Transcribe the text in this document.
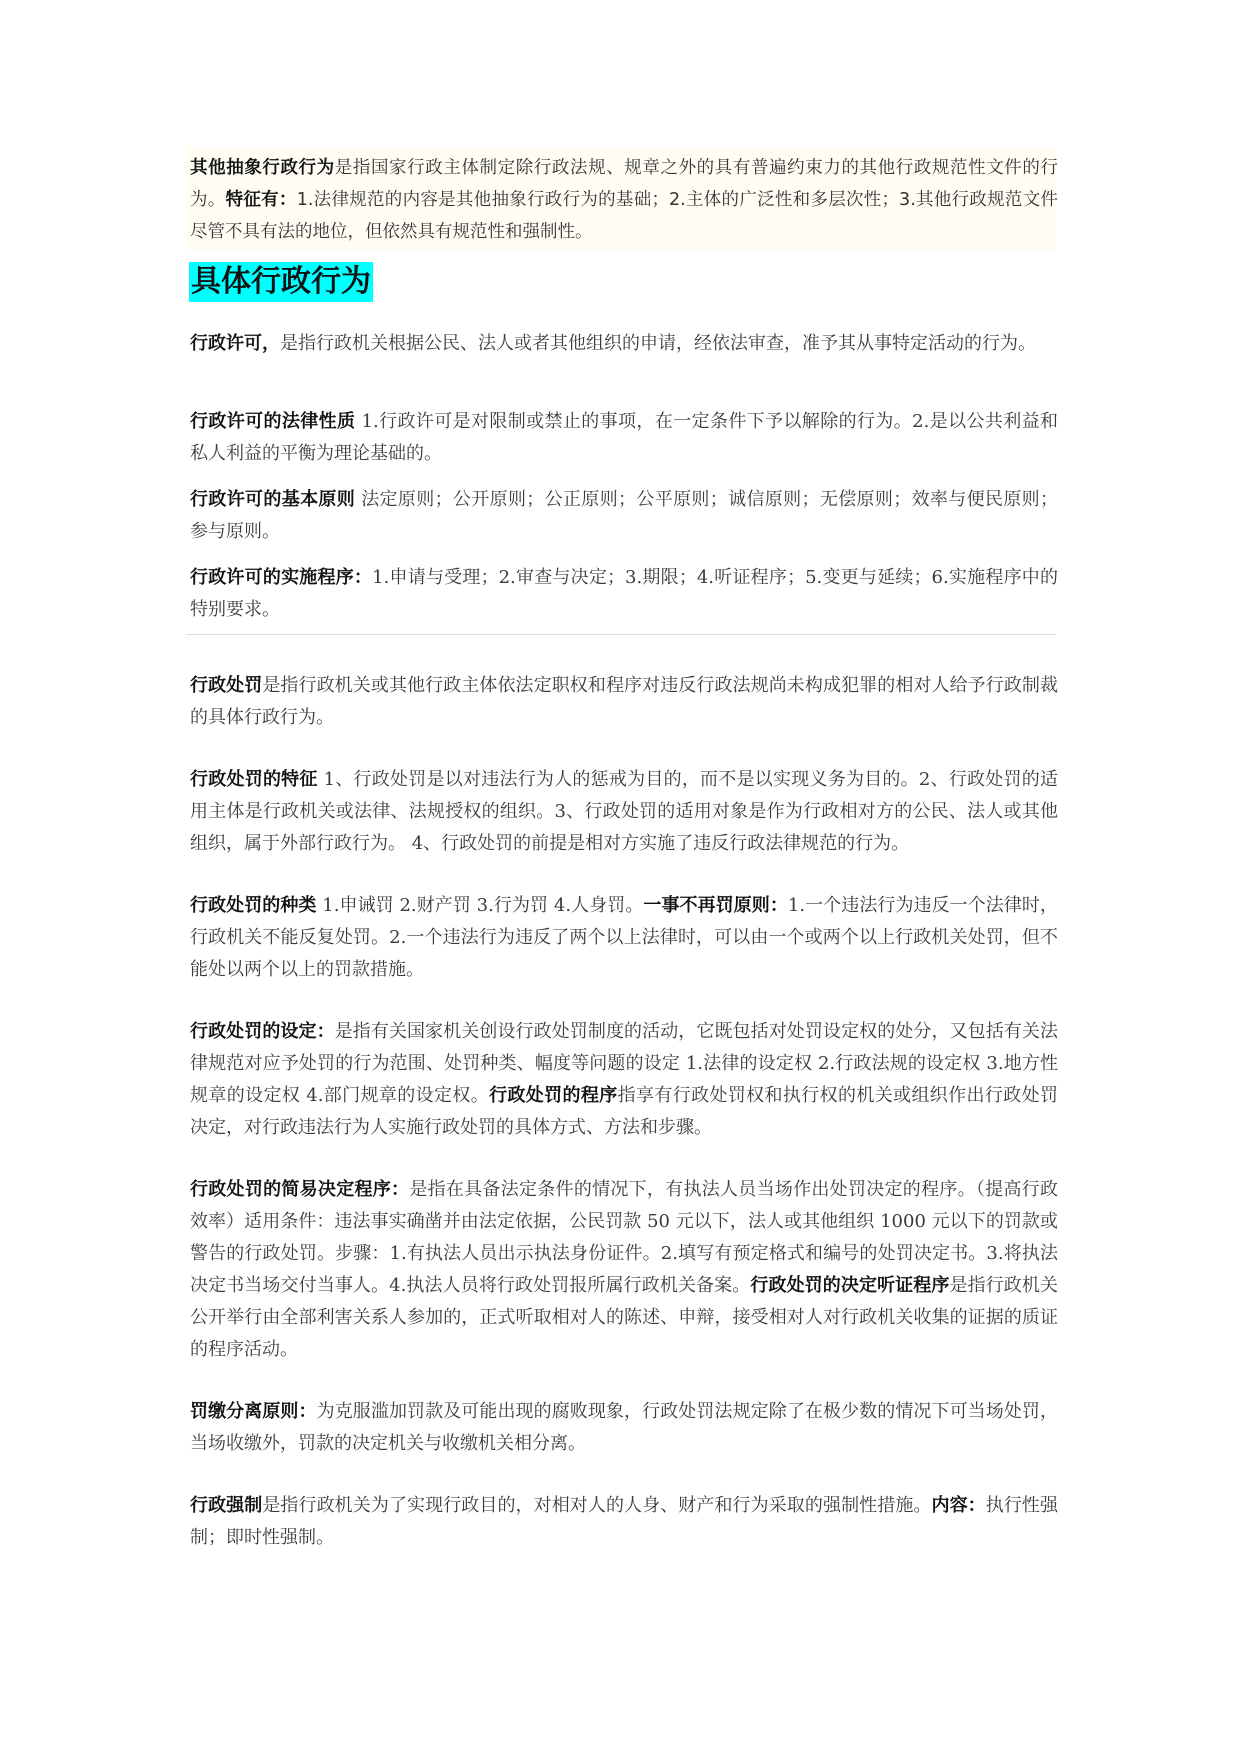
其他抽象行政行为是指国家行政主体制定除行政法规、规章之外的具有普遍约束力的其他行政规范性文件的行为。特征有：1.法律规范的内容是其他抽象行政行为的基础；2.主体的广泛性和多层次性；3.其他行政规范文件尽管不具有法的地位，但依然具有规范性和强制性。

具体行政行为

行政许可，是指行政机关根据公民、法人或者其他组织的申请，经依法审查，准予其从事特定活动的行为。

行政许可的法律性质 1.行政许可是对限制或禁止的事项，在一定条件下予以解除的行为。2.是以公共利益和私人利益的平衡为理论基础的。

行政许可的基本原则 法定原则；公开原则；公正原则；公平原则；诚信原则；无偿原则；效率与便民原则；参与原则。

行政许可的实施程序：1.申请与受理；2.审查与决定；3.期限；4.听证程序；5.变更与延续；6.实施程序中的特别要求。

行政处罚是指行政机关或其他行政主体依法定职权和程序对违反行政法规尚未构成犯罪的相对人给予行政制裁的具体行政行为。

行政处罚的特征 1、行政处罚是以对违法行为人的惩戒为目的，而不是以实现义务为目的。2、行政处罚的适用主体是行政机关或法律、法规授权的组织。3、行政处罚的适用对象是作为行政相对方的公民、法人或其他组织，属于外部行政行为。 4、行政处罚的前提是相对方实施了违反行政法律规范的行为。

行政处罚的种类 1.申诫罚 2.财产罚 3.行为罚 4.人身罚。一事不再罚原则：1.一个违法行为违反一个法律时，行政机关不能反复处罚。2.一个违法行为违反了两个以上法律时，可以由一个或两个以上行政机关处罚，但不能处以两个以上的罚款措施。

行政处罚的设定：是指有关国家机关创设行政处罚制度的活动，它既包括对处罚设定权的处分，又包括有关法律规范对应予处罚的行为范围、处罚种类、幅度等问题的设定 1.法律的设定权 2.行政法规的设定权 3.地方性规章的设定权 4.部门规章的设定权。行政处罚的程序指享有行政处罚权和执行权的机关或组织作出行政处罚决定，对行政违法行为人实施行政处罚的具体方式、方法和步骤。

行政处罚的简易决定程序：是指在具备法定条件的情况下，有执法人员当场作出处罚决定的程序。（提高行政效率）适用条件：违法事实确凿并由法定依据，公民罚款 50 元以下，法人或其他组织 1000 元以下的罚款或警告的行政处罚。步骤：1.有执法人员出示执法身份证件。2.填写有预定格式和编号的处罚决定书。3.将执法决定书当场交付当事人。4.执法人员将行政处罚报所属行政机关备案。行政处罚的决定听证程序是指行政机关公开举行由全部利害关系人参加的，正式听取相对人的陈述、申辩，接受相对人对行政机关收集的证据的质证的程序活动。

罚缴分离原则：为克服滥加罚款及可能出现的腐败现象，行政处罚法规定除了在极少数的情况下可当场处罚，当场收缴外，罚款的决定机关与收缴机关相分离。

行政强制是指行政机关为了实现行政目的，对相对人的人身、财产和行为采取的强制性措施。内容：执行性强制；即时性强制。
